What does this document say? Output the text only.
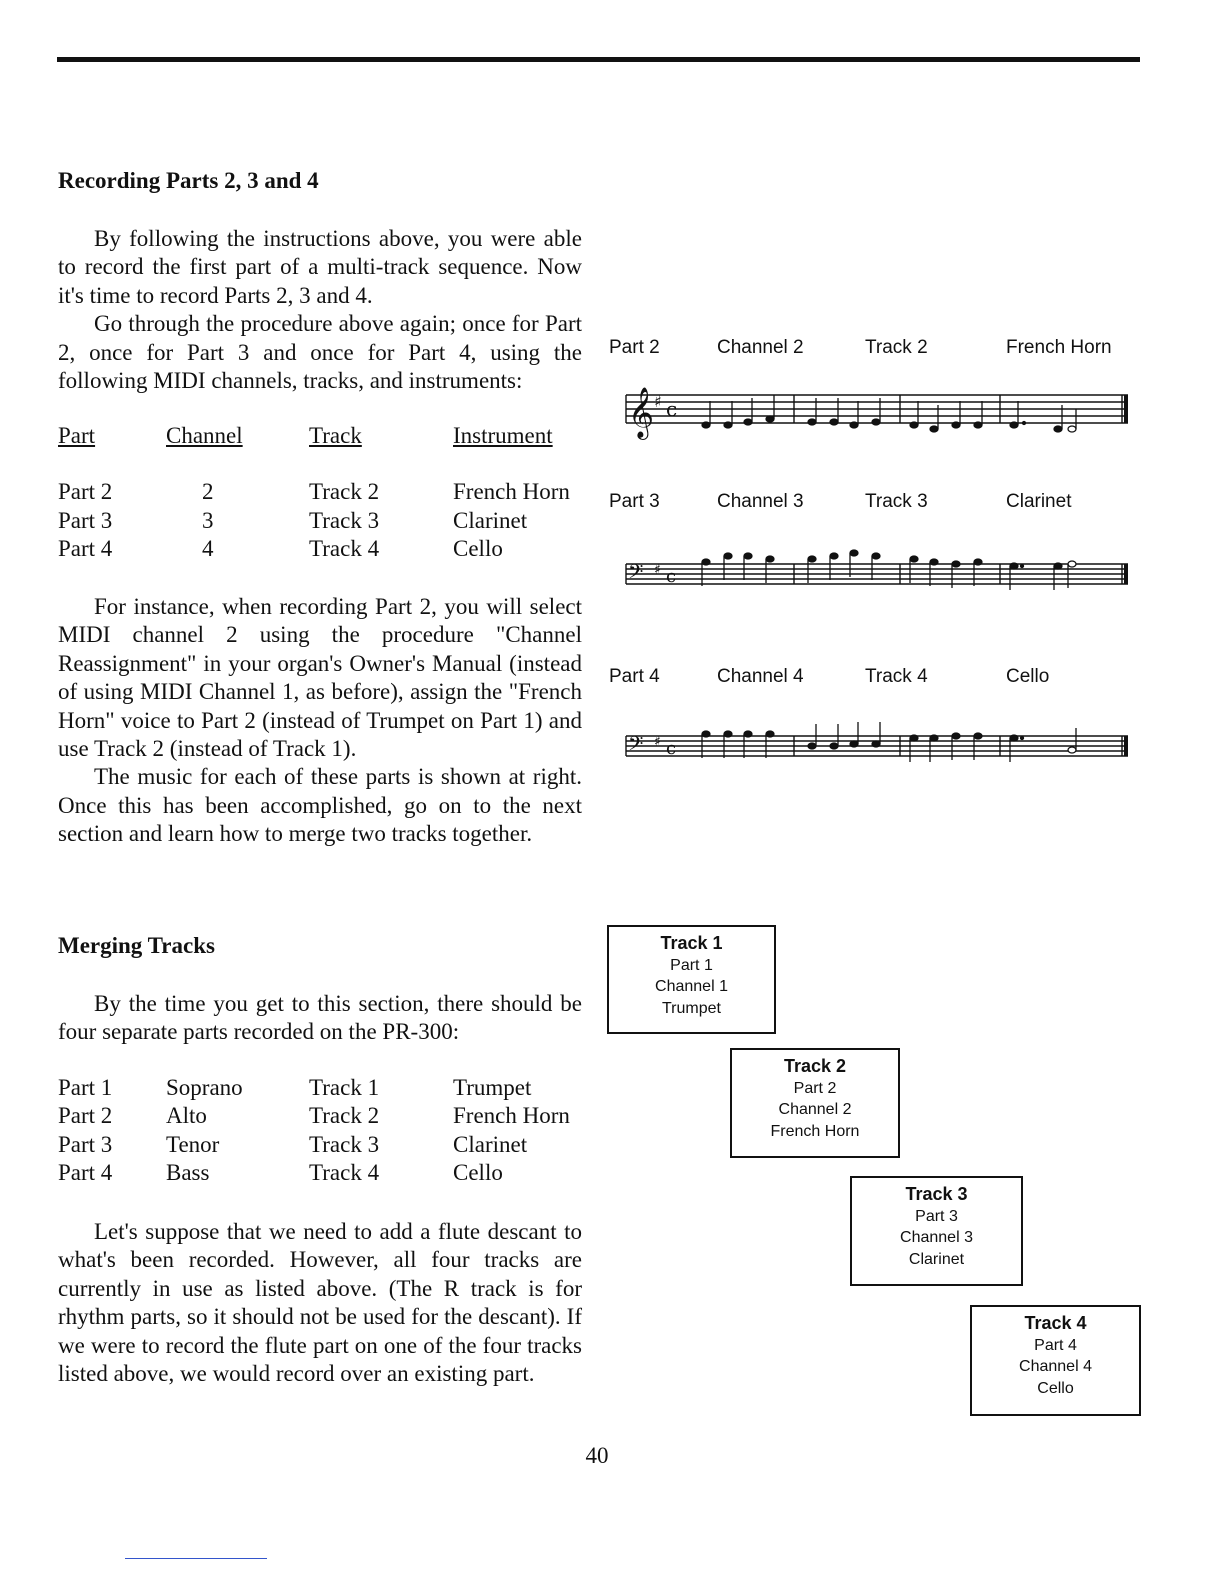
Recording Parts 2, 3 and 4

By following the instructions above, you were able to record the first part of a multi-track sequence. Now it's time to record Parts 2, 3 and 4.

Go through the procedure above again; once for Part 2, once for Part 3 and once for Part 4, using the following MIDI channels, tracks, and instruments:

Part	Channel	Track	Instrument
Part 2	2	Track 2	French Horn
Part 3	3	Track 3	Clarinet
Part 4	4	Track 4	Cello

For instance, when recording Part 2, you will select MIDI channel 2 using the procedure "Channel Reassignment" in your organ's Owner's Manual (instead of using MIDI Channel 1, as before), assign the "French Horn" voice to Part 2 (instead of Trumpet on Part 1) and use Track 2 (instead of Track 1).

The music for each of these parts is shown at right. Once this has been accomplished, go on to the next section and learn how to merge two tracks together.

Part 2	Channel 2	Track 2	French Horn
𝄞 ♯ c
Part 3	Channel 3	Track 3	Clarinet
𝄢 ♯ c
Part 4	Channel 4	Track 4	Cello
𝄢 ♯ c
Merging Tracks

By the time you get to this section, there should be four separate parts recorded on the PR-300:

Part 1 Soprano	Track 1	Trumpet
Part 2 Alto	Track 2	French Horn
Part 3 Tenor	Track 3	Clarinet
Part 4 Bass	Track 4	Cello

Let's suppose that we need to add a flute descant to what's been recorded. However, all four tracks are currently in use as listed above. (The R track is for rhythm parts, so it should not be used for the descant). If we were to record the flute part on one of the four tracks listed above, we would record over an existing part.

Track 1
Part 1
Channel 1
Trumpet
Track 2
Part 2
Channel 2
French Horn
Track 3
Part 3
Channel 3
Clarinet
Track 4
Part 4
Channel 4
Cello
40
